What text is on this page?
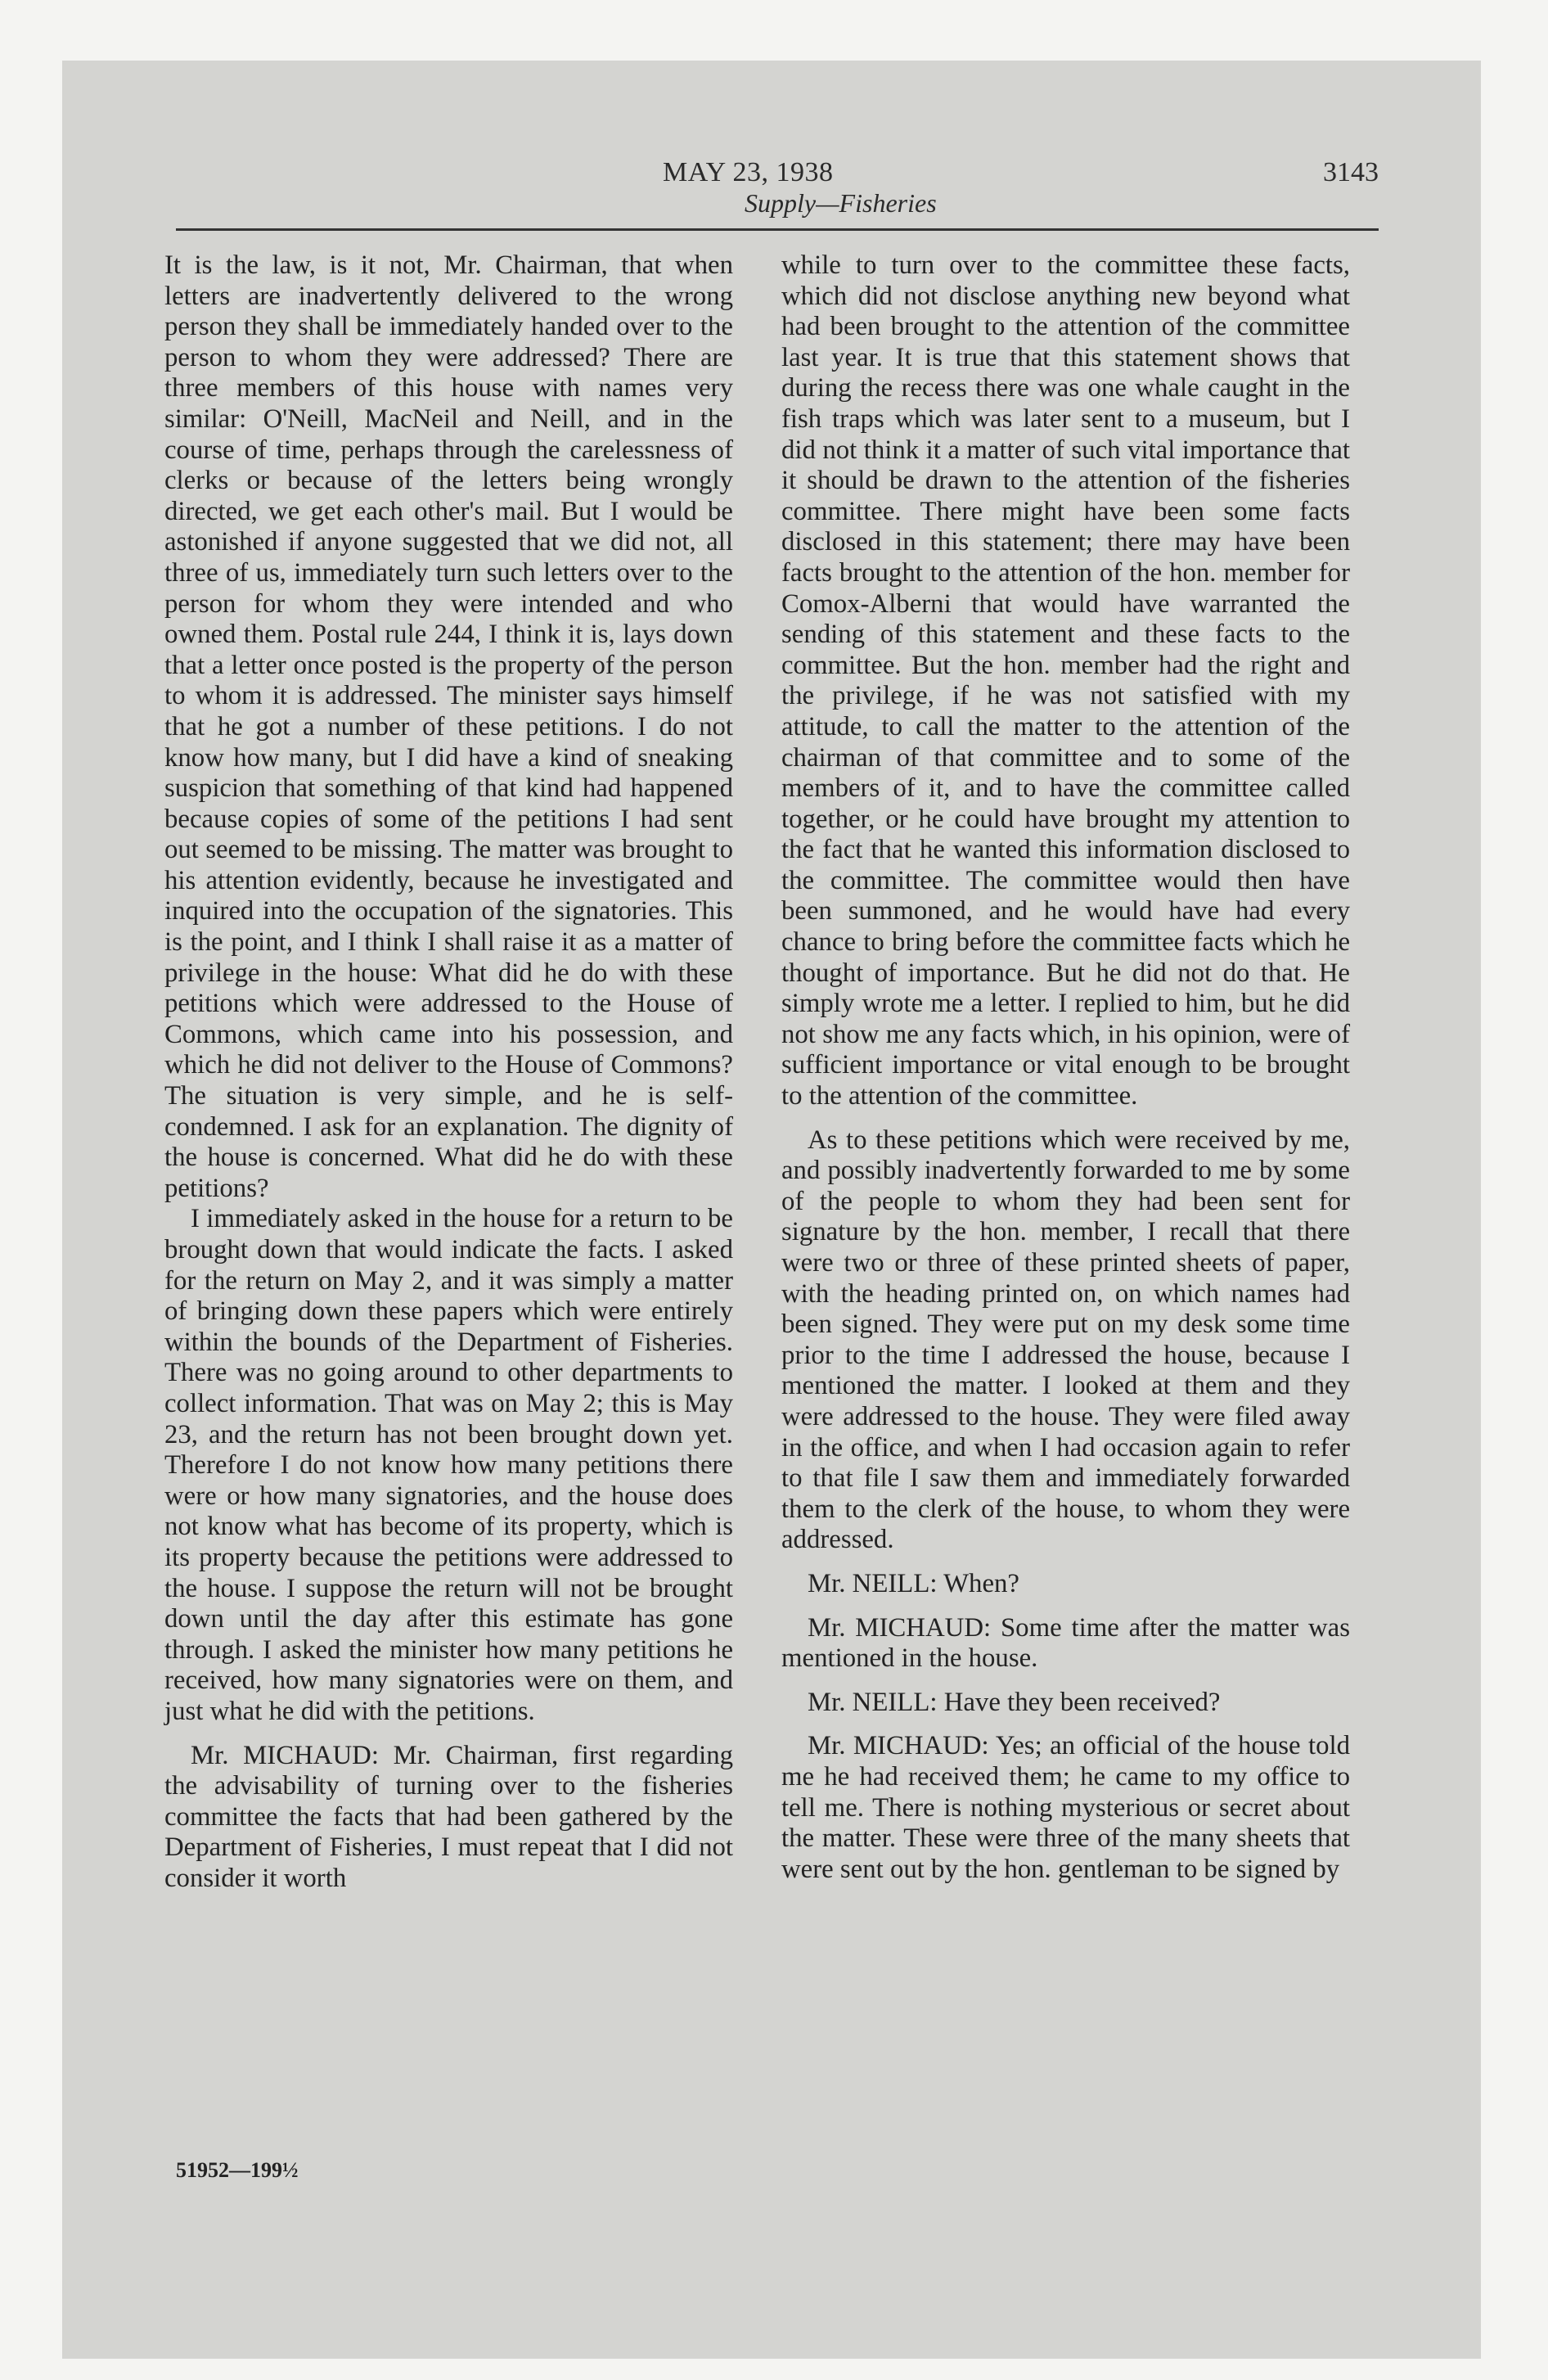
MAY 23, 1938	3143
Supply—Fisheries

It is the law, is it not, Mr. Chairman, that when letters are inadvertently delivered to the wrong person they shall be immediately handed over to the person to whom they were addressed? There are three members of this house with names very similar: O'Neill, MacNeil and Neill, and in the course of time, perhaps through the carelessness of clerks or because of the letters being wrongly directed, we get each other's mail. But I would be astonished if anyone suggested that we did not, all three of us, immediately turn such letters over to the person for whom they were intended and who owned them. Postal rule 244, I think it is, lays down that a letter once posted is the property of the person to whom it is addressed. The minister says himself that he got a number of these petitions. I do not know how many, but I did have a kind of sneaking suspicion that something of that kind had happened because copies of some of the petitions I had sent out seemed to be missing. The matter was brought to his attention evidently, because he investigated and inquired into the occupation of the signatories. This is the point, and I think I shall raise it as a matter of privilege in the house: What did he do with these petitions which were addressed to the House of Commons, which came into his possession, and which he did not deliver to the House of Commons? The situation is very simple, and he is self-condemned. I ask for an explanation. The dignity of the house is concerned. What did he do with these petitions?

I immediately asked in the house for a return to be brought down that would indicate the facts. I asked for the return on May 2, and it was simply a matter of bringing down these papers which were entirely within the bounds of the Department of Fisheries. There was no going around to other departments to collect information. That was on May 2; this is May 23, and the return has not been brought down yet. Therefore I do not know how many petitions there were or how many signatories, and the house does not know what has become of its property, which is its property because the petitions were addressed to the house. I suppose the return will not be brought down until the day after this estimate has gone through. I asked the minister how many petitions he received, how many signatories were on them, and just what he did with the petitions.

Mr. MICHAUD: Mr. Chairman, first regarding the advisability of turning over to the fisheries committee the facts that had been gathered by the Department of Fisheries, I must repeat that I did not consider it worth

while to turn over to the committee these facts, which did not disclose anything new beyond what had been brought to the attention of the committee last year. It is true that this statement shows that during the recess there was one whale caught in the fish traps which was later sent to a museum, but I did not think it a matter of such vital importance that it should be drawn to the attention of the fisheries committee. There might have been some facts disclosed in this statement; there may have been facts brought to the attention of the hon. member for Comox-Alberni that would have warranted the sending of this statement and these facts to the committee. But the hon. member had the right and the privilege, if he was not satisfied with my attitude, to call the matter to the attention of the chairman of that committee and to some of the members of it, and to have the committee called together, or he could have brought my attention to the fact that he wanted this information disclosed to the committee. The committee would then have been summoned, and he would have had every chance to bring before the committee facts which he thought of importance. But he did not do that. He simply wrote me a letter. I replied to him, but he did not show me any facts which, in his opinion, were of sufficient importance or vital enough to be brought to the attention of the committee.

As to these petitions which were received by me, and possibly inadvertently forwarded to me by some of the people to whom they had been sent for signature by the hon. member, I recall that there were two or three of these printed sheets of paper, with the heading printed on, on which names had been signed. They were put on my desk some time prior to the time I addressed the house, because I mentioned the matter. I looked at them and they were addressed to the house. They were filed away in the office, and when I had occasion again to refer to that file I saw them and immediately forwarded them to the clerk of the house, to whom they were addressed.

Mr. NEILL: When?

Mr. MICHAUD: Some time after the matter was mentioned in the house.

Mr. NEILL: Have they been received?

Mr. MICHAUD: Yes; an official of the house told me he had received them; he came to my office to tell me. There is nothing mysterious or secret about the matter. These were three of the many sheets that were sent out by the hon. gentleman to be signed by

51952—199½
